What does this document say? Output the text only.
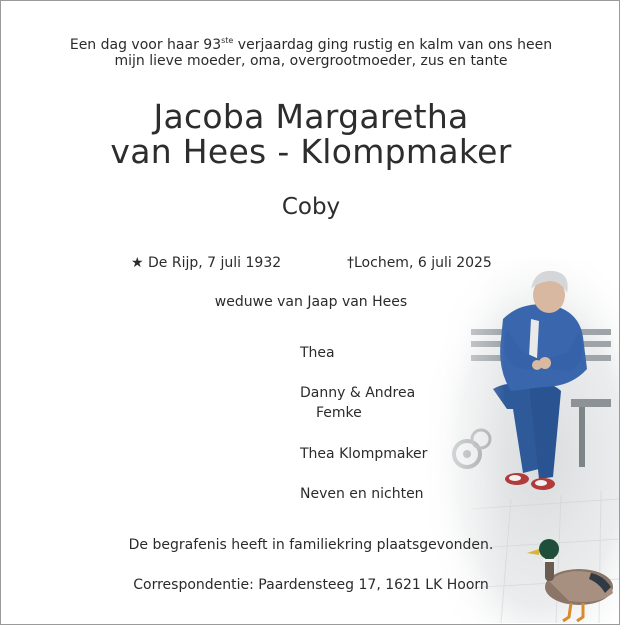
Een dag voor haar 93ste verjaardag ging rustig en kalm van ons heen
mijn lieve moeder, oma, overgrootmoeder, zus en tante
Jacoba Margaretha
van Hees - Klompmaker
Coby
★ De Rijp, 7 juli 1932	†Lochem, 6 juli 2025
weduwe van Jaap van Hees
Thea
Danny & Andrea
Femke
Thea Klompmaker
Neven en nichten
De begrafenis heeft in familiekring plaatsgevonden.
Correspondentie: Paardensteeg 17, 1621 LK Hoorn
